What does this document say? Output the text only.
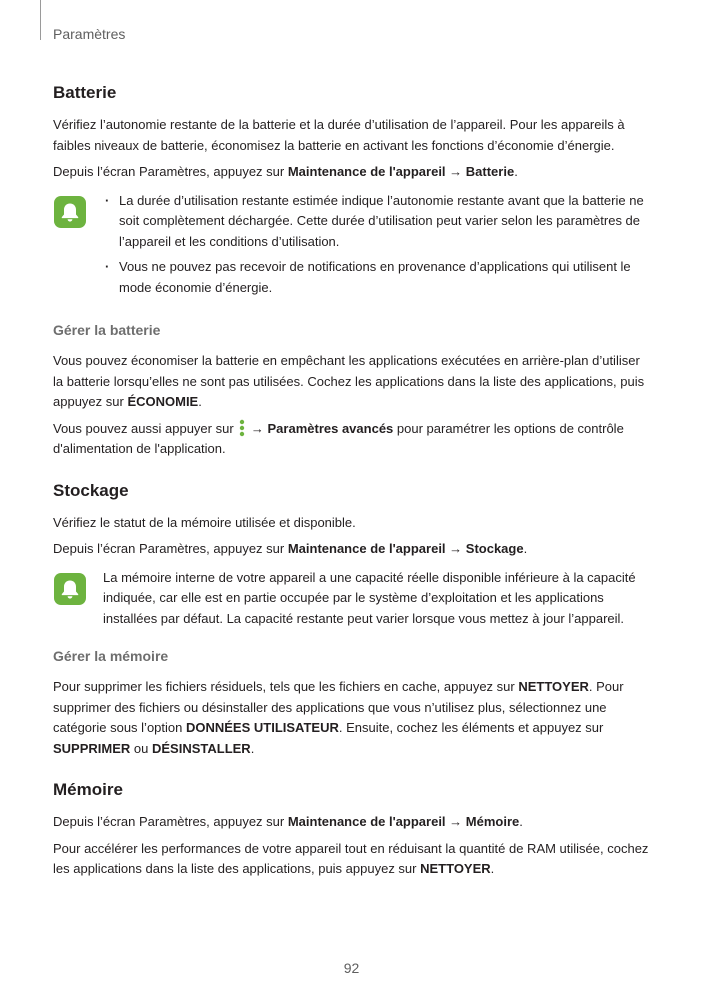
Paramètres
Batterie

Vérifiez l’autonomie restante de la batterie et la durée d’utilisation de l’appareil. Pour les appareils à faibles niveaux de batterie, économisez la batterie en activant les fonctions d’économie d’énergie.

Depuis l’écran Paramètres, appuyez sur Maintenance de l'appareil → Batterie.

· La durée d’utilisation restante estimée indique l’autonomie restante avant que la batterie ne soit complètement déchargée. Cette durée d’utilisation peut varier selon les paramètres de l’appareil et les conditions d’utilisation.
· Vous ne pouvez pas recevoir de notifications en provenance d’applications qui utilisent le mode économie d’énergie.
Gérer la batterie

Vous pouvez économiser la batterie en empêchant les applications exécutées en arrière-plan d’utiliser la batterie lorsqu’elles ne sont pas utilisées. Cochez les applications dans la liste des applications, puis appuyez sur ÉCONOMIE.

Vous pouvez aussi appuyer sur  → Paramètres avancés pour paramétrer les options de contrôle d'alimentation de l'application.

Stockage

Vérifiez le statut de la mémoire utilisée et disponible.

Depuis l’écran Paramètres, appuyez sur Maintenance de l'appareil → Stockage.

La mémoire interne de votre appareil a une capacité réelle disponible inférieure à la capacité indiquée, car elle est en partie occupée par le système d’exploitation et les applications installées par défaut. La capacité restante peut varier lorsque vous mettez à jour l’appareil.
Gérer la mémoire

Pour supprimer les fichiers résiduels, tels que les fichiers en cache, appuyez sur NETTOYER. Pour supprimer des fichiers ou désinstaller des applications que vous n’utilisez plus, sélectionnez une catégorie sous l’option DONNÉES UTILISATEUR. Ensuite, cochez les éléments et appuyez sur SUPPRIMER ou DÉSINSTALLER.

Mémoire

Depuis l’écran Paramètres, appuyez sur Maintenance de l'appareil → Mémoire.

Pour accélérer les performances de votre appareil tout en réduisant la quantité de RAM utilisée, cochez les applications dans la liste des applications, puis appuyez sur NETTOYER.

92
